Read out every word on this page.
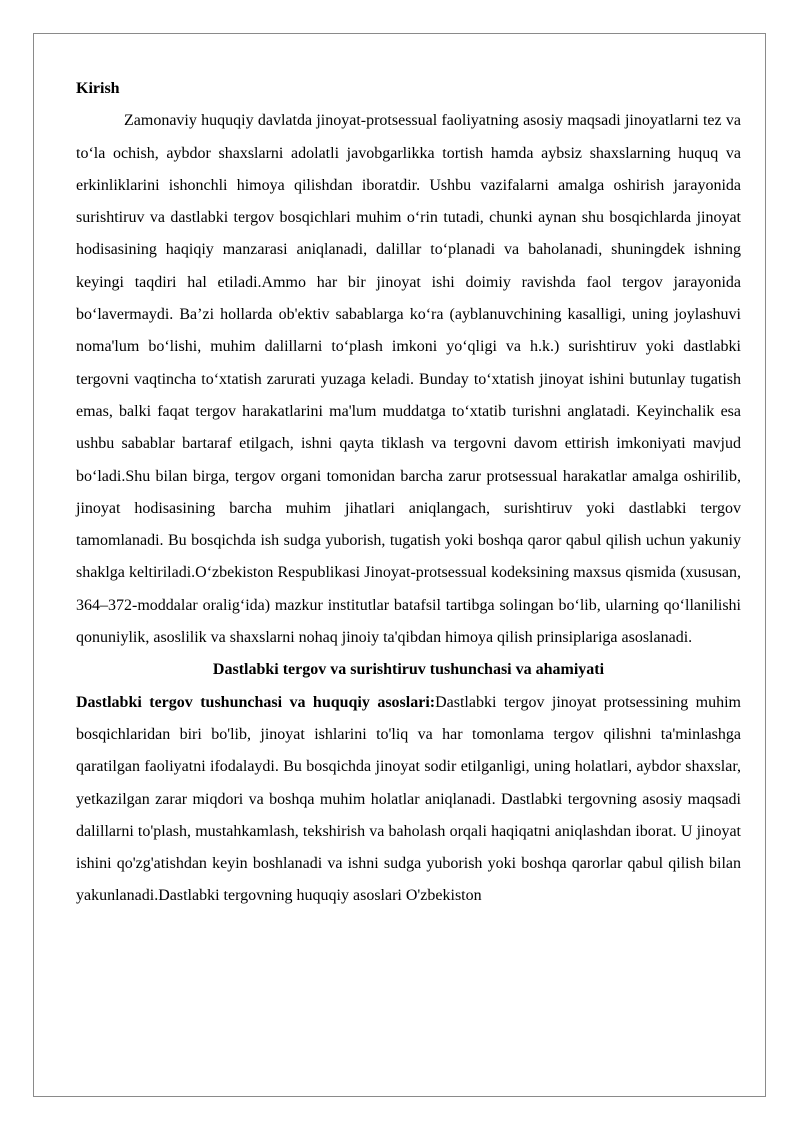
Kirish

Zamonaviy huquqiy davlatda jinoyat-protsessual faoliyatning asosiy maqsadi jinoyatlarni tez va to‘la ochish, aybdor shaxslarni adolatli javobgarlikka tortish hamda aybsiz shaxslarning huquq va erkinliklarini ishonchli himoya qilishdan iboratdir. Ushbu vazifalarni amalga oshirish jarayonida surishtiruv va dastlabki tergov bosqichlari muhim o‘rin tutadi, chunki aynan shu bosqichlarda jinoyat hodisasining haqiqiy manzarasi aniqlanadi, dalillar to‘planadi va baholanadi, shuningdek ishning keyingi taqdiri hal etiladi.Ammo har bir jinoyat ishi doimiy ravishda faol tergov jarayonida bo‘lavermaydi. Ba’zi hollarda ob'ektiv sabablarga ko‘ra (ayblanuvchining kasalligi, uning joylashuvi noma'lum bo‘lishi, muhim dalillarni to‘plash imkoni yo‘qligi va h.k.) surishtiruv yoki dastlabki tergovni vaqtincha to‘xtatish zarurati yuzaga keladi. Bunday to‘xtatish jinoyat ishini butunlay tugatish emas, balki faqat tergov harakatlarini ma'lum muddatga to‘xtatib turishni anglatadi. Keyinchalik esa ushbu sabablar bartaraf etilgach, ishni qayta tiklash va tergovni davom ettirish imkoniyati mavjud bo‘ladi.Shu bilan birga, tergov organi tomonidan barcha zarur protsessual harakatlar amalga oshirilib, jinoyat hodisasining barcha muhim jihatlari aniqlangach, surishtiruv yoki dastlabki tergov tamomlanadi. Bu bosqichda ish sudga yuborish, tugatish yoki boshqa qaror qabul qilish uchun yakuniy shaklga keltiriladi.O‘zbekiston Respublikasi Jinoyat-protsessual kodeksining maxsus qismida (xususan, 364–372-moddalar oralig‘ida) mazkur institutlar batafsil tartibga solingan bo‘lib, ularning qo‘llanilishi qonuniylik, asoslilik va shaxslarni nohaq jinoiy ta'qibdan himoya qilish prinsiplariga asoslanadi.

Dastlabki tergov va surishtiruv tushunchasi va ahamiyati

Dastlabki tergov tushunchasi va huquqiy asoslari:Dastlabki tergov jinoyat protsessining muhim bosqichlaridan biri bo'lib, jinoyat ishlarini to'liq va har tomonlama tergov qilishni ta'minlashga qaratilgan faoliyatni ifodalaydi. Bu bosqichda jinoyat sodir etilganligi, uning holatlari, aybdor shaxslar, yetkazilgan zarar miqdori va boshqa muhim holatlar aniqlanadi. Dastlabki tergovning asosiy maqsadi dalillarni to'plash, mustahkamlash, tekshirish va baholash orqali haqiqatni aniqlashdan iborat. U jinoyat ishini qo'zg'atishdan keyin boshlanadi va ishni sudga yuborish yoki boshqa qarorlar qabul qilish bilan yakunlanadi.Dastlabki tergovning huquqiy asoslari O'zbekiston
